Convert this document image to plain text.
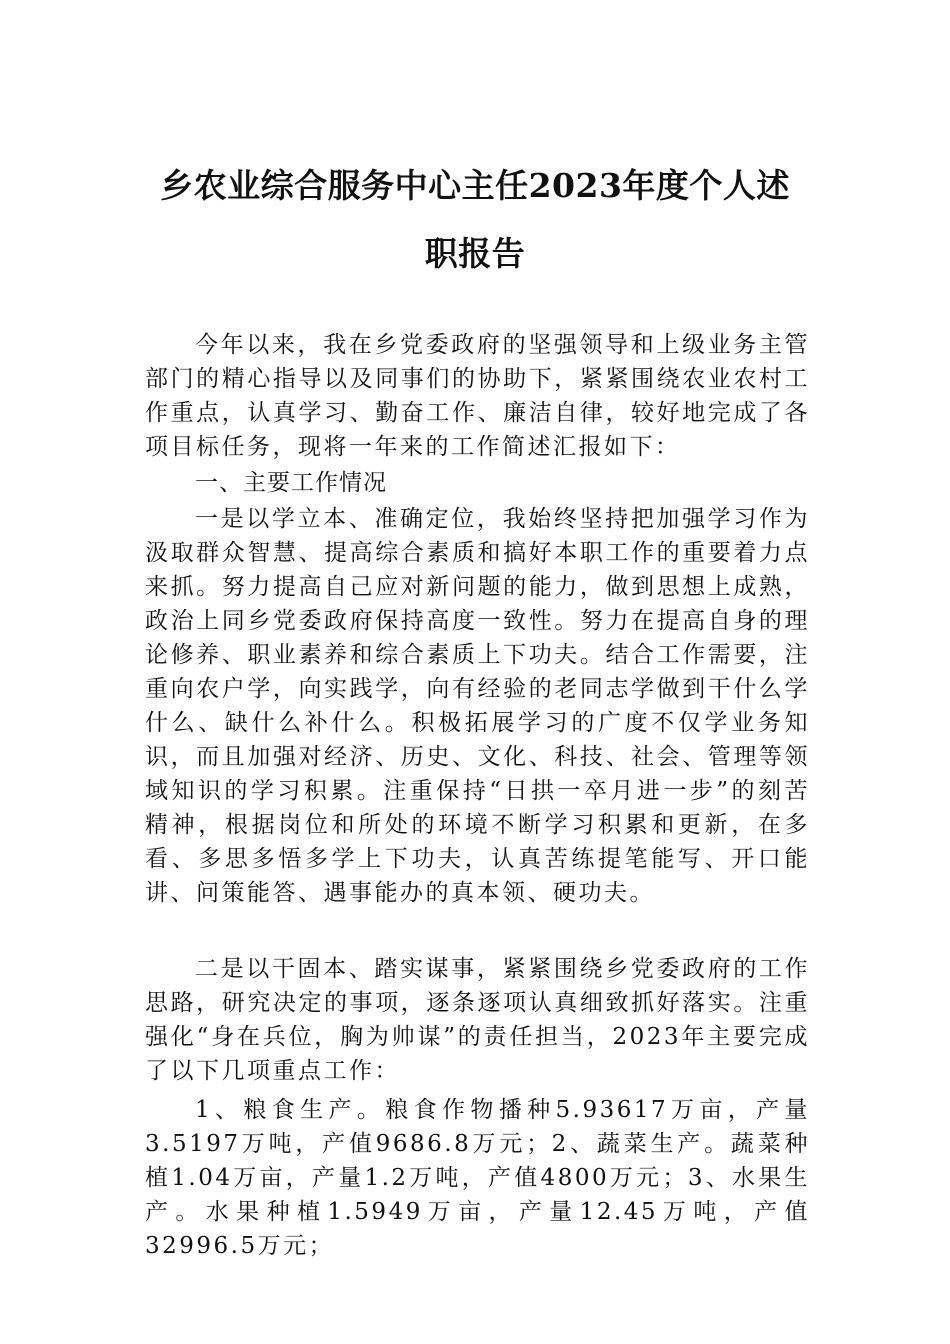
乡农业综合服务中心主任2023年度个人述
职报告

今年以来，我在乡党委政府的坚强领导和上级业务主管部门的精心指导以及同事们的协助下，紧紧围绕农业农村工作重点，认真学习、勤奋工作、廉洁自律，较好地完成了各项目标任务，现将一年来的工作简述汇报如下：

一、主要工作情况

一是以学立本、准确定位，我始终坚持把加强学习作为汲取群众智慧、提高综合素质和搞好本职工作的重要着力点来抓。努力提高自己应对新问题的能力，做到思想上成熟，政治上同乡党委政府保持高度一致性。努力在提高自身的理论修养、职业素养和综合素质上下功夫。结合工作需要，注重向农户学，向实践学，向有经验的老同志学做到干什么学什么、缺什么补什么。积极拓展学习的广度不仅学业务知识，而且加强对经济、历史、文化、科技、社会、管理等领域知识的学习积累。注重保持“日拱一卒月进一步”的刻苦精神，根据岗位和所处的环境不断学习积累和更新，在多看、多思多悟多学上下功夫，认真苦练提笔能写、开口能讲、问策能答、遇事能办的真本领、硬功夫。

二是以干固本、踏实谋事，紧紧围绕乡党委政府的工作思路，研究决定的事项，逐条逐项认真细致抓好落实。注重强化“身在兵位，胸为帅谋”的责任担当，2023年主要完成了以下几项重点工作：

1、粮食生产。粮食作物播种5.93617万亩，产量3.5197万吨，产值9686.8万元；2、蔬菜生产。蔬菜种植1.04万亩，产量1.2万吨，产值4800万元；3、水果生产。水果种植1.5949万亩，产量12.45万吨，产值32996.5万元；
